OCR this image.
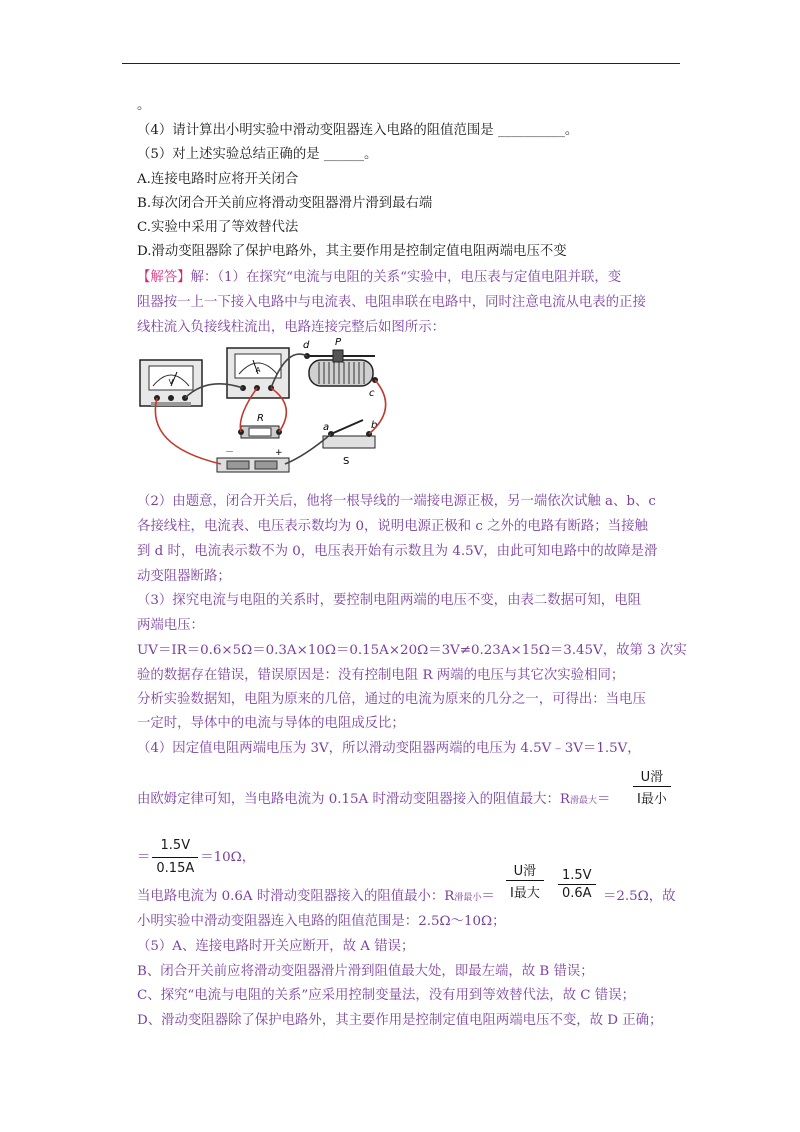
。
（4）请计算出小明实验中滑动变阻器连入电路的阻值范围是 __________。
（5）对上述实验总结正确的是 ______。
A.连接电路时应将开关闭合
B.每次闭合开关前应将滑动变阻器滑片滑到最右端
C.实验中采用了等效替代法
D.滑动变阻器除了保护电路外，其主要作用是控制定值电阻两端电压不变
【解答】解：（1）在探究“电流与电阻的关系“实验中，电压表与定值电阻并联，变
阻器按一上一下接入电路中与电流表、电阻串联在电路中，同时注意电流从电表的正接
线柱流入负接线柱流出，电路连接完整后如图所示：
V
A
d	P
c
R
a	b
S
－	+
（2）由题意，闭合开关后，他将一根导线的一端接电源正极，另一端依次试触 a、b、c
各接线柱，电流表、电压表示数均为 0，说明电源正极和 c 之外的电路有断路；当接触
到 d 时，电流表示数不为 0，电压表开始有示数且为 4.5V，由此可知电路中的故障是滑
动变阻器断路；
（3）探究电流与电阻的关系时，要控制电阻两端的电压不变，由表二数据可知，电阻
两端电压：
UV＝IR＝0.6×5Ω＝0.3A×10Ω＝0.15A×20Ω＝3V≠0.23A×15Ω＝3.45V，故第 3 次实
验的数据存在错误，错误原因是：没有控制电阻 R 两端的电压与其它次实验相同；
分析实验数据知，电阻为原来的几倍，通过的电流为原来的几分之一，可得出：当电压
一定时，导体中的电流与导体的电阻成反比；
（4）因定值电阻两端电压为 3V，所以滑动变阻器两端的电压为 4.5V﹣3V＝1.5V，
由欧姆定律可知，当电路电流为 0.15A 时滑动变阻器接入的阻值最大：R滑最大＝
U滑
I最小
＝ $\frac{1.5V}{0.15A} =10\Omega$，
当电路电流为 0.6A 时滑动变阻器接入的阻值最小：R滑最小＝
U滑
I最大	$\frac{1.5V}{0.6A} =2.5\Omega$，故
小明实验中滑动变阻器连入电路的阻值范围是：2.5Ω～10Ω；
（5）A、连接电路时开关应断开，故 A 错误；
B、闭合开关前应将滑动变阻器滑片滑到阻值最大处，即最左端，故 B 错误；
C、探究“电流与电阻的关系”应采用控制变量法，没有用到等效替代法，故 C 错误；
D、滑动变阻器除了保护电路外，其主要作用是控制定值电阻两端电压不变，故 D 正确；
